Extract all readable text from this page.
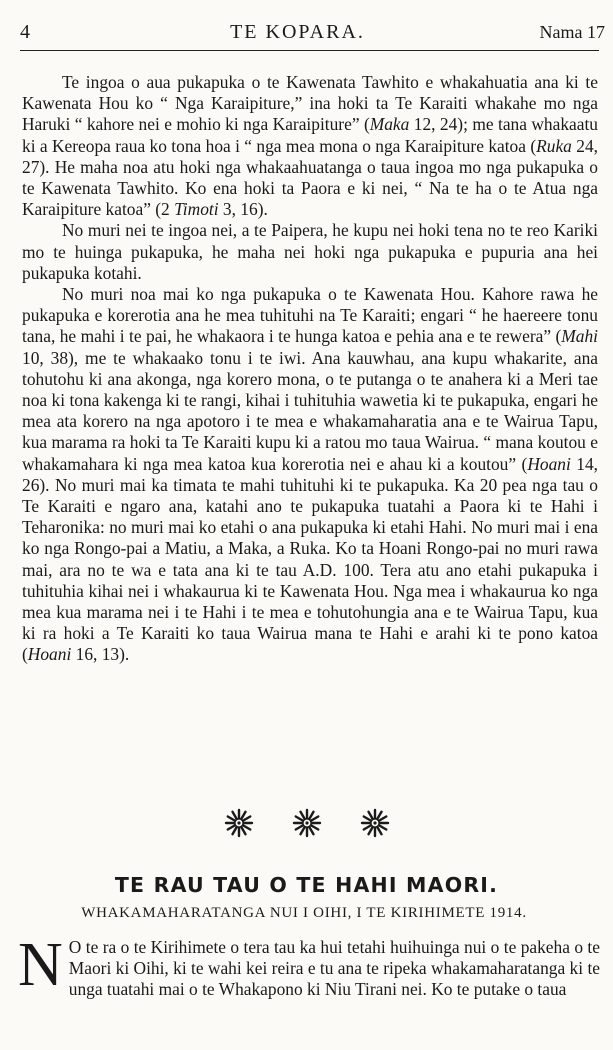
4	TE KOPARA.	Nama 17

Te ingoa o aua pukapuka o te Kawenata Tawhito e whakahuatia ana ki te Kawenata Hou ko “ Nga Karaipiture,” ina hoki ta Te Karaiti whakahe mo nga Haruki “ kahore nei e mohio ki nga Karaipiture” (Maka 12, 24); me tana whakaatu ki a Kereopa raua ko tona hoa i “ nga mea mona o nga Karaipiture katoa (Ruka 24, 27). He maha noa atu hoki nga whakaahuatanga o taua ingoa mo nga pukapuka o te Kawenata Tawhito. Ko ena hoki ta Paora e ki nei, “ Na te ha o te Atua nga Karaipiture katoa” (2 Timoti 3, 16).

No muri nei te ingoa nei, a te Paipera, he kupu nei hoki tena no te reo Kariki mo te huinga pukapuka, he maha nei hoki nga pukapuka e pupuria ana hei pukapuka kotahi.

No muri noa mai ko nga pukapuka o te Kawenata Hou. Kahore rawa he pukapuka e korerotia ana he mea tuhituhi na Te Karaiti; engari “ he haereere tonu tana, he mahi i te pai, he whakaora i te hunga katoa e pehia ana e te rewera” (Mahi 10, 38), me te whakaako tonu i te iwi. Ana kauwhau, ana kupu whakarite, ana tohutohu ki ana akonga, nga korero mona, o te putanga o te anahera ki a Meri tae noa ki tona kakenga ki te rangi, kihai i tuhituhia wawetia ki te pukapuka, engari he mea ata korero na nga apotoro i te mea e whakamaharatia ana e te Wairua Tapu, kua marama ra hoki ta Te Karaiti kupu ki a ratou mo taua Wairua. “ mana koutou e whakamahara ki nga mea katoa kua korerotia nei e ahau ki a koutou” (Hoani 14, 26). No muri mai ka timata te mahi tuhituhi ki te pukapuka. Ka 20 pea nga tau o Te Karaiti e ngaro ana, katahi ano te pukapuka tuatahi a Paora ki te Hahi i Teharonika: no muri mai ko etahi o ana pukapuka ki etahi Hahi. No muri mai i ena ko nga Rongo-pai a Matiu, a Maka, a Ruka. Ko ta Hoani Rongo-pai no muri rawa mai, ara no te wa e tata ana ki te tau A.D. 100. Tera atu ano etahi pukapuka i tuhituhia kihai nei i whakaurua ki te Kawenata Hou. Nga mea i whakaurua ko nga mea kua marama nei i te Hahi i te mea e tohutohungia ana e te Wairua Tapu, kua ki ra hoki a Te Karaiti ko taua Wairua mana te Hahi e arahi ki te pono katoa (Hoani 16, 13).

TE RAU TAU O TE HAHI MAORI.
WHAKAMAHARATANGA NUI I OIHI, I TE KIRIHIMETE 1914.
N O te ra o te Kirihimete o tera tau ka hui tetahi huihuinga nui o te pakeha o te Maori ki Oihi, ki te wahi kei reira e tu ana te ripeka whakamaharatanga ki te unga tuatahi mai o te Whakapono ki Niu Tirani nei. Ko te putake o taua
